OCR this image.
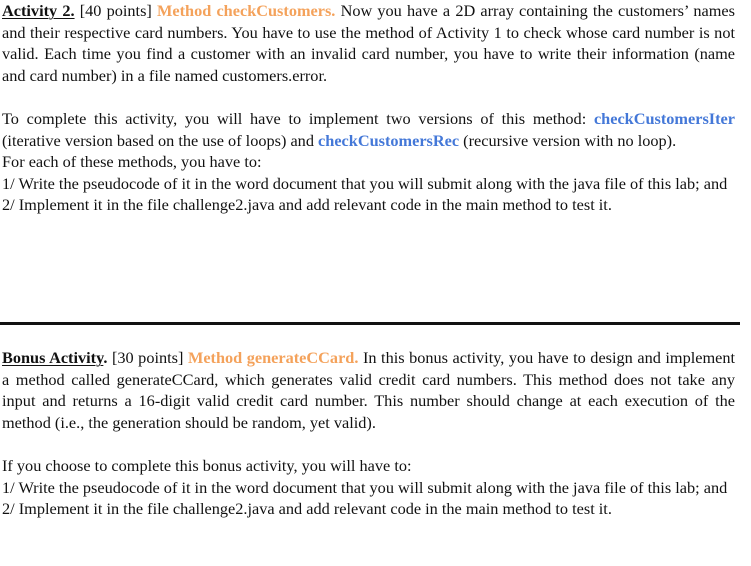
Activity 2. [40 points] Method checkCustomers. Now you have a 2D array containing the customers’ names and their respective card numbers. You have to use the method of Activity 1 to check whose card number is not valid. Each time you find a customer with an invalid card number, you have to write their information (name and card number) in a file named customers.error.

To complete this activity, you will have to implement two versions of this method: checkCustomersIter (iterative version based on the use of loops) and checkCustomersRec (recursive version with no loop).

For each of these methods, you have to:

1/ Write the pseudocode of it in the word document that you will submit along with the java file of this lab; and

2/ Implement it in the file challenge2.java and add relevant code in the main method to test it.

Bonus Activity. [30 points] Method generateCCard. In this bonus activity, you have to design and implement a method called generateCCard, which generates valid credit card numbers. This method does not take any input and returns a 16-digit valid credit card number. This number should change at each execution of the method (i.e., the generation should be random, yet valid).

If you choose to complete this bonus activity, you will have to:

1/ Write the pseudocode of it in the word document that you will submit along with the java file of this lab; and

2/ Implement it in the file challenge2.java and add relevant code in the main method to test it.
